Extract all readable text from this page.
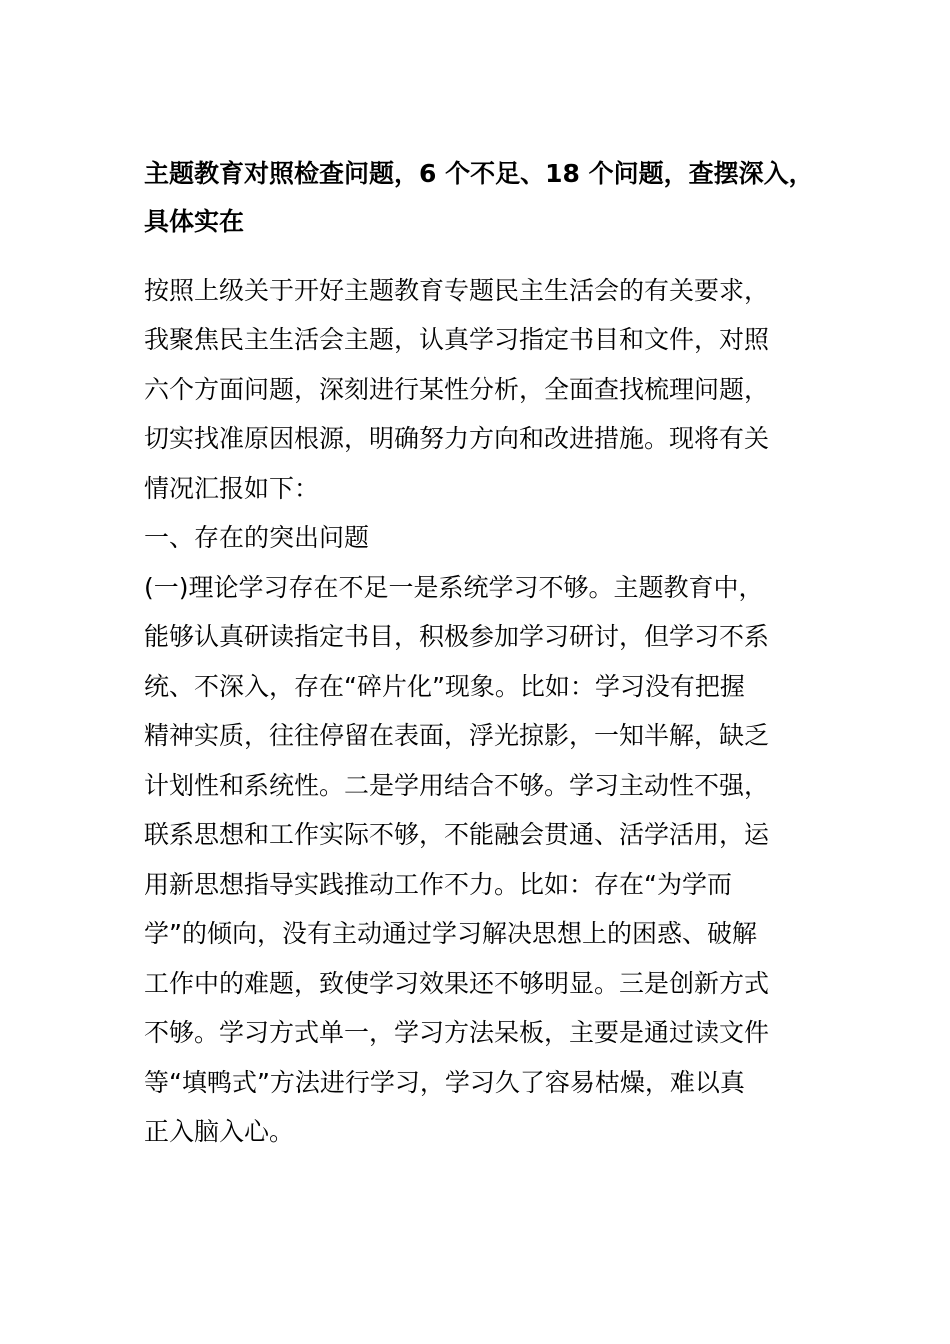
主题教育对照检查问题，6 个不足、18 个问题，查摆深入，具体实在

按照上级关于开好主题教育专题民主生活会的有关要求，

我聚焦民主生活会主题，认真学习指定书目和文件，对照

六个方面问题，深刻进行某性分析，全面查找梳理问题，

切实找准原因根源，明确努力方向和改进措施。现将有关

情况汇报如下：

一、存在的突出问题

(一)理论学习存在不足一是系统学习不够。主题教育中，

能够认真研读指定书目，积极参加学习研讨，但学习不系

统、不深入，存在“碎片化”现象。比如：学习没有把握

精神实质，往往停留在表面，浮光掠影，一知半解，缺乏

计划性和系统性。二是学用结合不够。学习主动性不强，

联系思想和工作实际不够，不能融会贯通、活学活用，运

用新思想指导实践推动工作不力。比如：存在“为学而

学”的倾向，没有主动通过学习解决思想上的困惑、破解

工作中的难题，致使学习效果还不够明显。三是创新方式

不够。学习方式单一，学习方法呆板，主要是通过读文件

等“填鸭式”方法进行学习，学习久了容易枯燥，难以真

正入脑入心。
